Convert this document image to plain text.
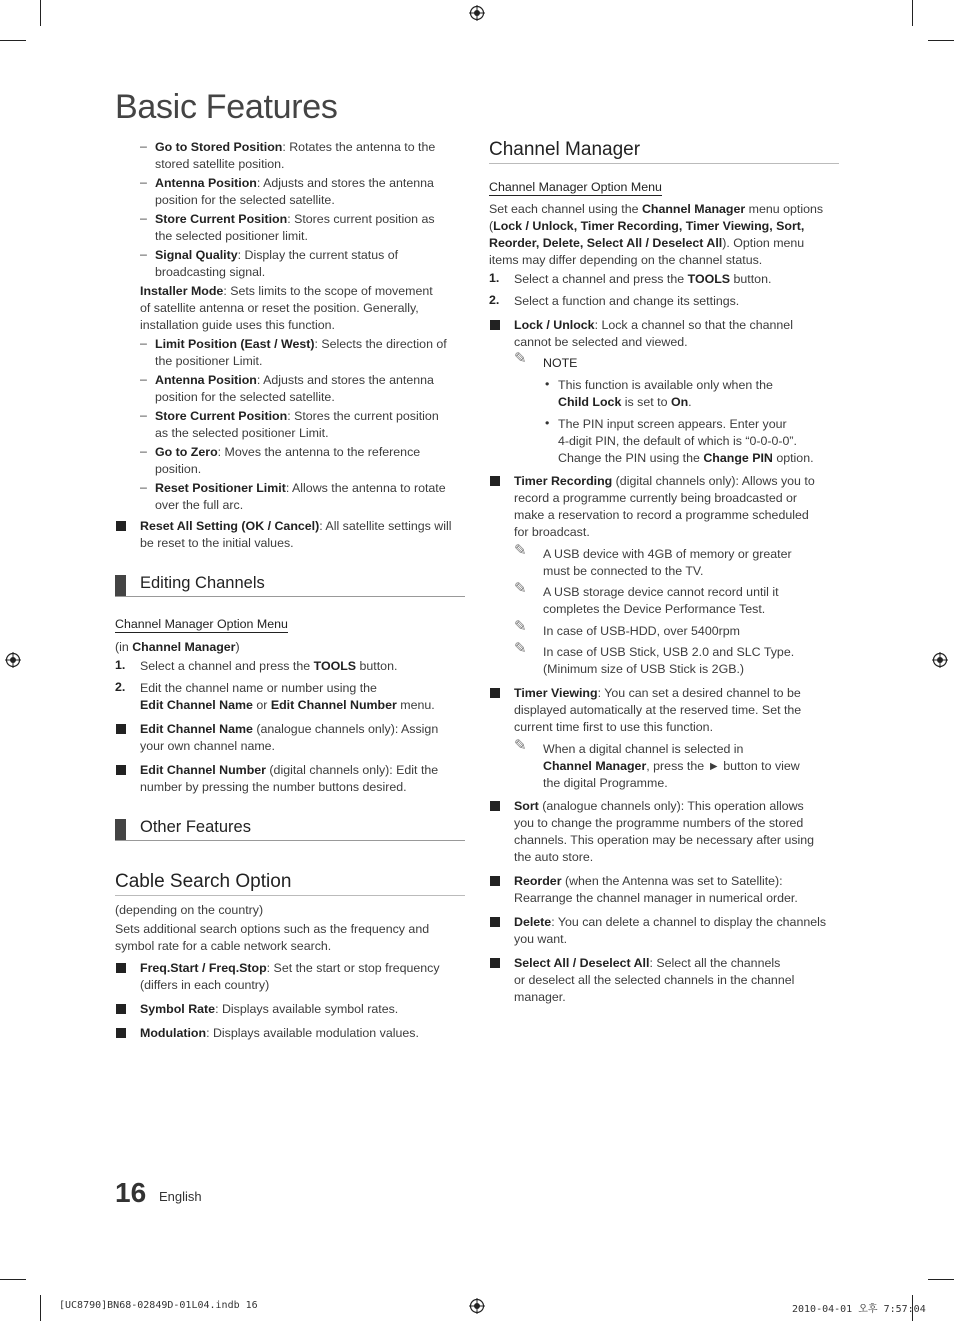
Basic Features
– Go to Stored Position: Rotates the antenna to the
stored satellite position.
– Antenna Position: Adjusts and stores the antenna
position for the selected satellite.
– Store Current Position: Stores current position as
the selected positioner limit.
– Signal Quality: Display the current status of
broadcasting signal.
Installer Mode: Sets limits to the scope of movement
of satellite antenna or reset the position. Generally,
installation guide uses this function.
– Limit Position (East / West): Selects the direction of
the positioner Limit.
– Antenna Position: Adjusts and stores the antenna
position for the selected satellite.
– Store Current Position: Stores the current position
as the selected positioner Limit.
– Go to Zero: Moves the antenna to the reference
position.
– Reset Positioner Limit: Allows the antenna to rotate
over the full arc.
Reset All Setting (OK / Cancel): All satellite settings will
be reset to the initial values.
Editing Channels
Channel Manager Option Menu
(in Channel Manager)
1. Select a channel and press the TOOLS button.
2. Edit the channel name or number using the
Edit Channel Name or Edit Channel Number menu.
Edit Channel Name (analogue channels only): Assign
your own channel name.
Edit Channel Number (digital channels only): Edit the
number by pressing the number buttons desired.
Other Features
Cable Search Option
(depending on the country)
Sets additional search options such as the frequency and
symbol rate for a cable network search.
Freq.Start / Freq.Stop: Set the start or stop frequency
(differs in each country)
Symbol Rate: Displays available symbol rates.
Modulation: Displays available modulation values.
Channel Manager
Channel Manager Option Menu
Set each channel using the Channel Manager menu options
(Lock / Unlock, Timer Recording, Timer Viewing, Sort,
Reorder, Delete, Select All / Deselect All). Option menu
items may differ depending on the channel status.
1. Select a channel and press the TOOLS button.
2. Select a function and change its settings.
Lock / Unlock: Lock a channel so that the channel
cannot be selected and viewed.
✎ NOTE
• This function is available only when the
Child Lock is set to On.
• The PIN input screen appears. Enter your
4-digit PIN, the default of which is “0-0-0-0”.
Change the PIN using the Change PIN option.
Timer Recording (digital channels only): Allows you to
record a programme currently being broadcasted or
make a reservation to record a programme scheduled
for broadcast.
✎ A USB device with 4GB of memory or greater
must be connected to the TV.
✎ A USB storage device cannot record until it
completes the Device Performance Test.
✎ In case of USB-HDD, over 5400rpm
✎ In case of USB Stick, USB 2.0 and SLC Type.
(Minimum size of USB Stick is 2GB.)
Timer Viewing: You can set a desired channel to be
displayed automatically at the reserved time. Set the
current time first to use this function.
✎ When a digital channel is selected in
Channel Manager, press the ► button to view
the digital Programme.
Sort (analogue channels only): This operation allows
you to change the programme numbers of the stored
channels. This operation may be necessary after using
the auto store.
Reorder (when the Antenna was set to Satellite):
Rearrange the channel manager in numerical order.
Delete: You can delete a channel to display the channels
you want.
Select All / Deselect All: Select all the channels
or deselect all the selected channels in the channel
manager.
16 English
[UC8790]BN68-02849D-01L04.indb 16	2010-04-01 오후 7:57:04
